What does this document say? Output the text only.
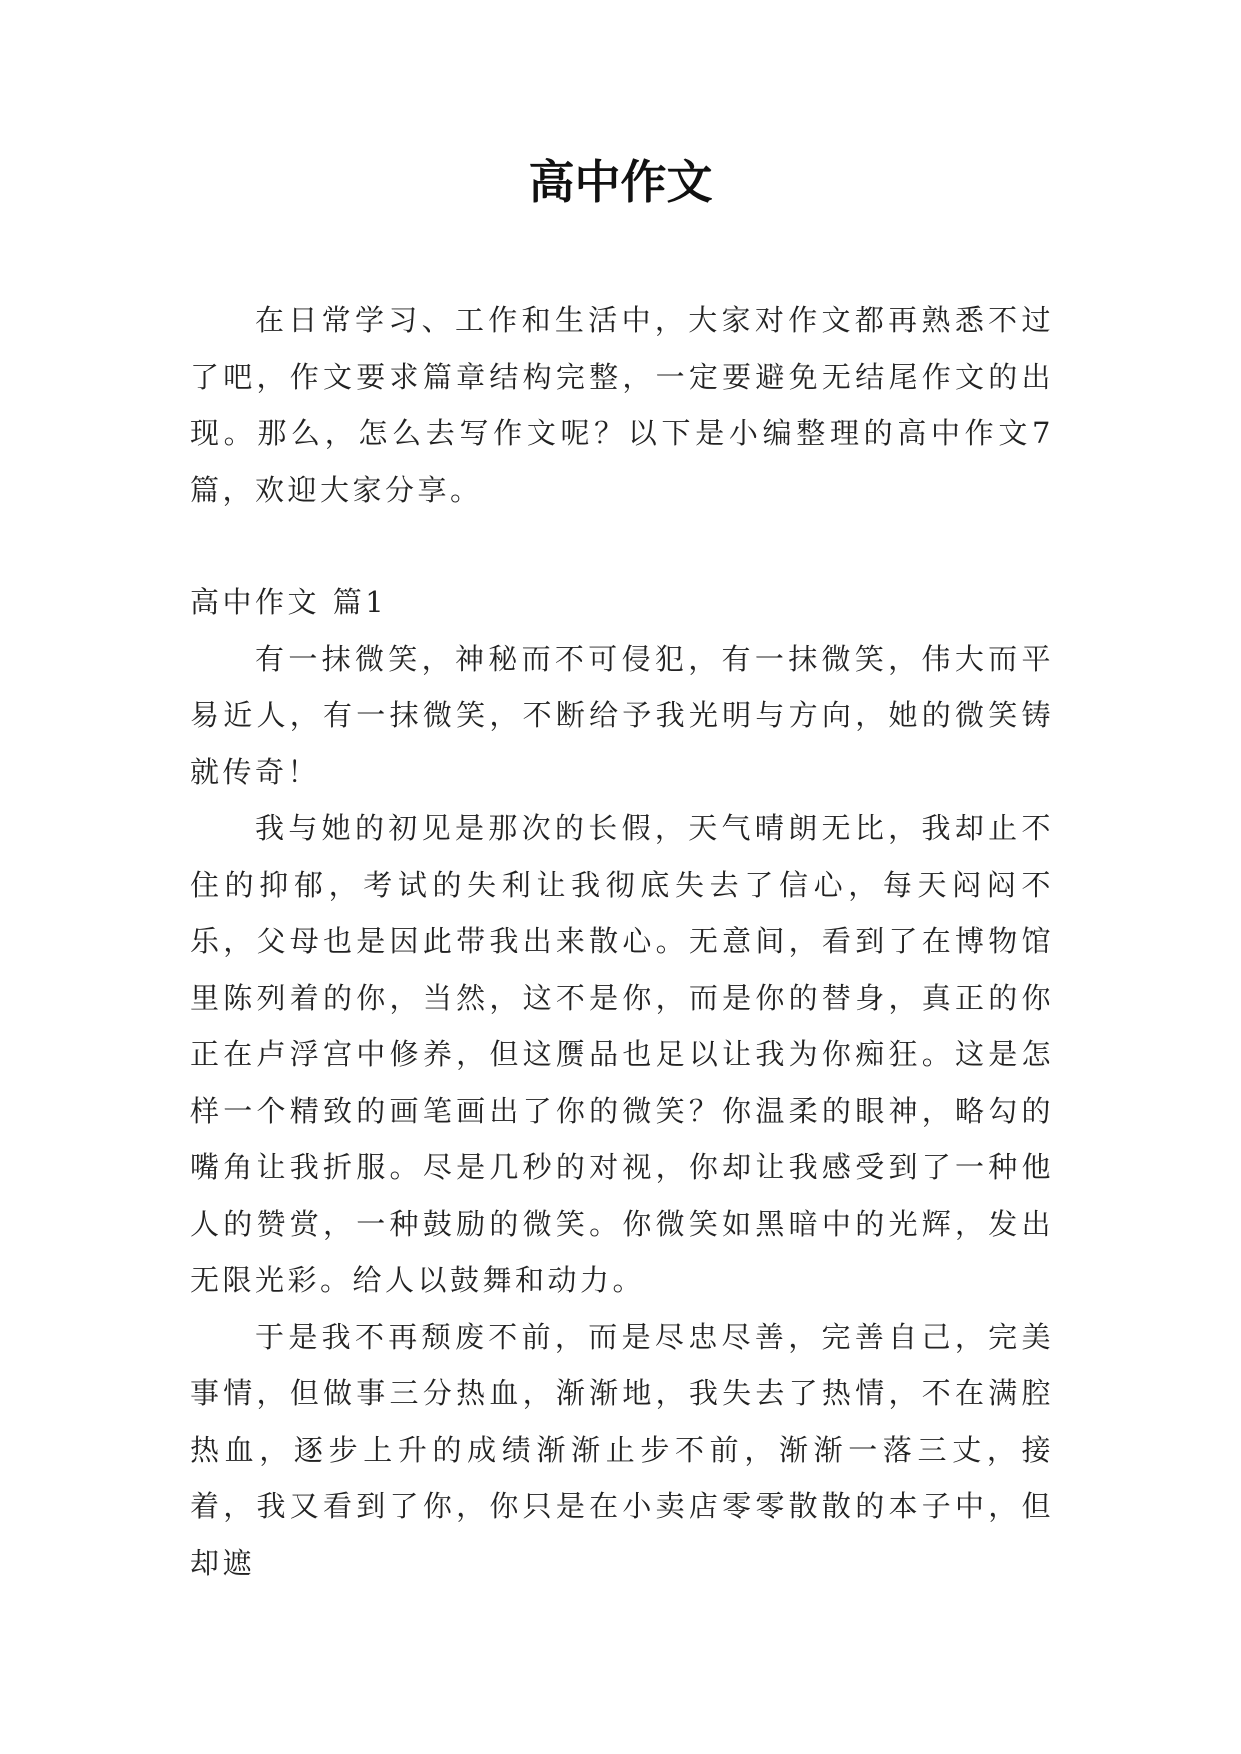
高中作文

在日常学习、工作和生活中，大家对作文都再熟悉不过了吧，作文要求篇章结构完整，一定要避免无结尾作文的出现。那么，怎么去写作文呢？以下是小编整理的高中作文7篇，欢迎大家分享。

高中作文 篇1

有一抹微笑，神秘而不可侵犯，有一抹微笑，伟大而平易近人，有一抹微笑，不断给予我光明与方向，她的微笑铸就传奇！

我与她的初见是那次的长假，天气晴朗无比，我却止不住的抑郁，考试的失利让我彻底失去了信心，每天闷闷不乐，父母也是因此带我出来散心。无意间，看到了在博物馆里陈列着的你，当然，这不是你，而是你的替身，真正的你正在卢浮宫中修养，但这赝品也足以让我为你痴狂。这是怎样一个精致的画笔画出了你的微笑？你温柔的眼神，略勾的嘴角让我折服。尽是几秒的对视，你却让我感受到了一种他人的赞赏，一种鼓励的微笑。你微笑如黑暗中的光辉，发出无限光彩。给人以鼓舞和动力。

于是我不再颓废不前，而是尽忠尽善，完善自己，完美事情，但做事三分热血，渐渐地，我失去了热情，不在满腔热血，逐步上升的成绩渐渐止步不前，渐渐一落三丈，接着，我又看到了你，你只是在小卖店零零散散的本子中，但却遮
